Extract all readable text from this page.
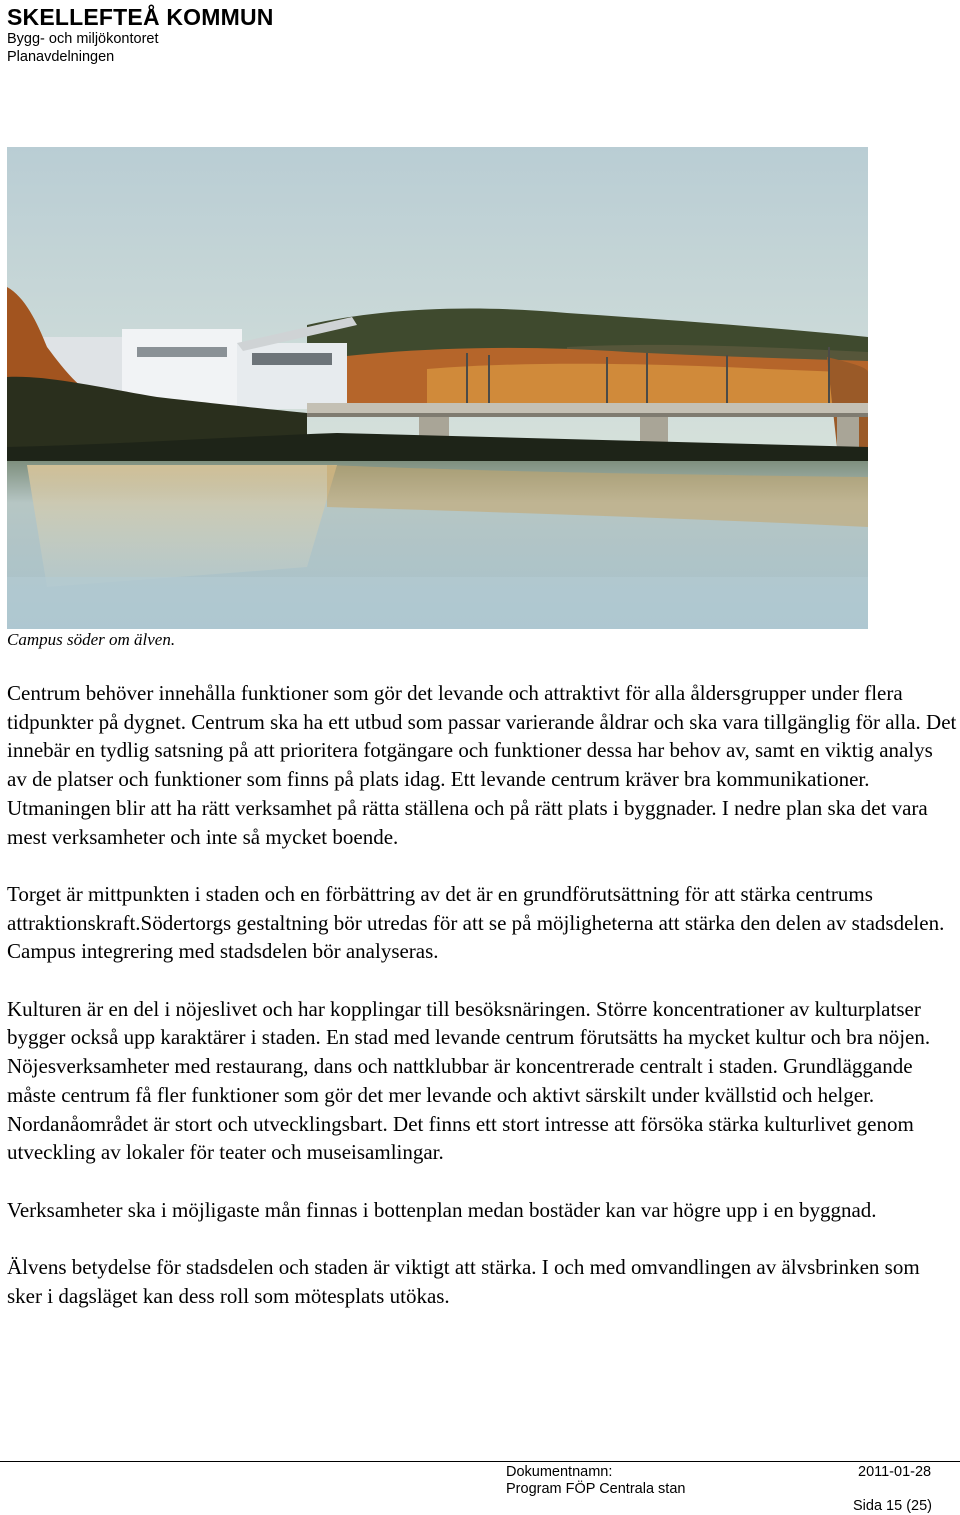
SKELLEFTEÅ KOMMUN
Bygg- och miljökontoret
Planavdelningen
Campus söder om älven.

Centrum behöver innehålla funktioner som gör det levande och attraktivt för alla åldersgrupper under flera tidpunkter på dygnet. Centrum ska ha ett utbud som passar varierande åldrar och ska vara tillgänglig för alla. Det innebär en tydlig satsning på att prioritera fotgängare och funktioner dessa har behov av, samt en viktig analys av de platser och funktioner som finns på plats idag. Ett levande centrum kräver bra kommunikationer. Utmaningen blir att ha rätt verksamhet på rätta ställena och på rätt plats i byggnader. I nedre plan ska det vara mest verksamheter och inte så mycket boende.

Torget är mittpunkten i staden och en förbättring av det är en grundförutsättning för att stärka centrums attraktionskraft.Södertorgs gestaltning bör utredas för att se på möjligheterna att stärka den delen av stadsdelen. Campus integrering med stadsdelen bör analyseras.

Kulturen är en del i nöjeslivet och har kopplingar till besöksnäringen. Större koncentrationer av kulturplatser bygger också upp karaktärer i staden. En stad med levande centrum förutsätts ha mycket kultur och bra nöjen. Nöjesverksamheter med restaurang, dans och nattklubbar är koncentrerade centralt i staden. Grundläggande måste centrum få fler funktioner som gör det mer levande och aktivt särskilt under kvällstid och helger. Nordanåområdet är stort och utvecklingsbart. Det finns ett stort intresse att försöka stärka kulturlivet genom utveckling av lokaler för teater och museisamlingar.

Verksamheter ska i möjligaste mån finnas i bottenplan medan bostäder kan var högre upp i en byggnad.

Älvens betydelse för stadsdelen och staden är viktigt att stärka. I och med omvandlingen av älvsbrinken som sker i dagsläget kan dess roll som mötesplats utökas.

Dokumentnamn:
Program FÖP Centrala stan
2011-01-28
Sida 15 (25)
